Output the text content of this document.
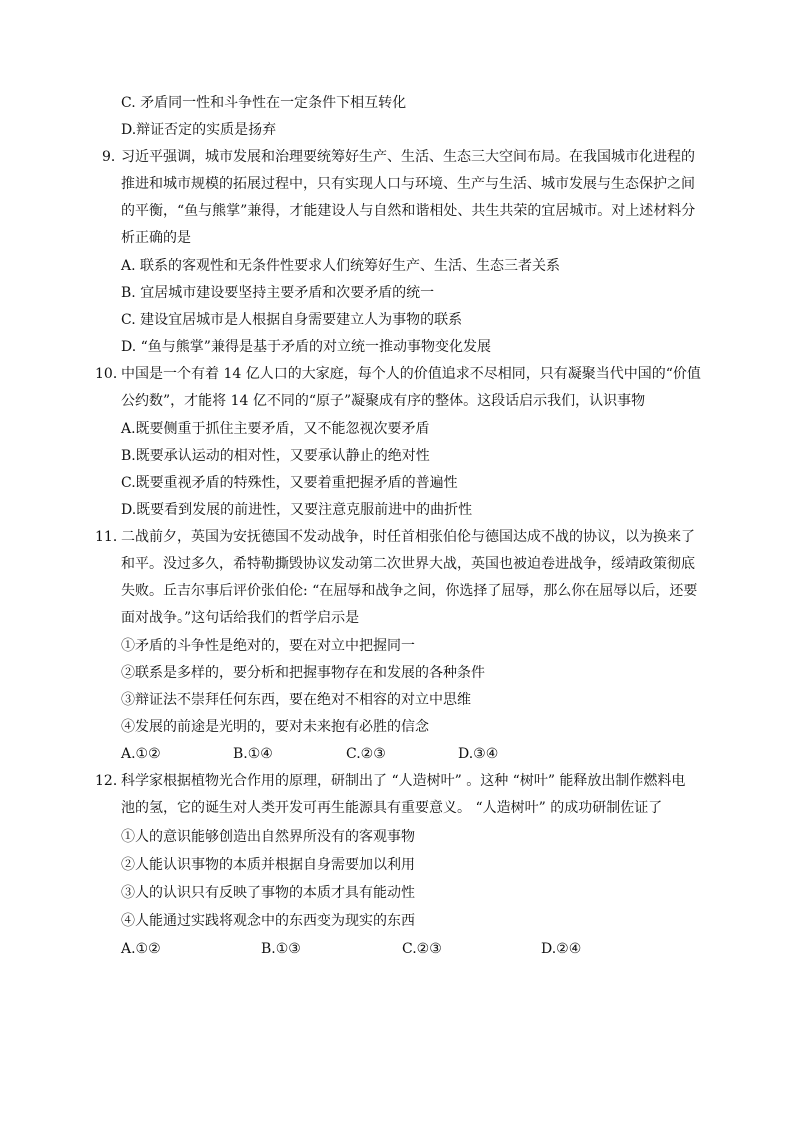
C. 矛盾同一性和斗争性在一定条件下相互转化
D.辩证否定的实质是扬弃
9．
习近平强调，城市发展和治理要统筹好生产、生活、生态三大空间布局。在我国城市化进程的
推进和城市规模的拓展过程中，只有实现人口与环境、生产与生活、城市发展与生态保护之间
的平衡，“鱼与熊掌”兼得，才能建设人与自然和谐相处、共生共荣的宜居城市。对上述材料分
析正确的是
A. 联系的客观性和无条件性要求人们统筹好生产、生活、生态三者关系
B. 宜居城市建设要坚持主要矛盾和次要矛盾的统一
C. 建设宜居城市是人根据自身需要建立人为事物的联系
D. “鱼与熊掌”兼得是基于矛盾的对立统一推动事物变化发展
10．
中国是一个有着 14 亿人口的大家庭，每个人的价值追求不尽相同，只有凝聚当代中国的“价值
公约数”，才能将 14 亿不同的“原子”凝聚成有序的整体。这段话启示我们，认识事物
A.既要侧重于抓住主要矛盾，又不能忽视次要矛盾
B.既要承认运动的相对性，又要承认静止的绝对性
C.既要重视矛盾的特殊性，又要着重把握矛盾的普遍性
D.既要看到发展的前进性，又要注意克服前进中的曲折性
11．
二战前夕，英国为安抚德国不发动战争，时任首相张伯伦与德国达成不战的协议，以为换来了
和平。没过多久，希特勒撕毁协议发动第二次世界大战，英国也被迫卷进战争，绥靖政策彻底
失败。丘吉尔事后评价张伯伦: “在屈辱和战争之间，你选择了屈辱，那么你在屈辱以后，还要
面对战争。”这句话给我们的哲学启示是
①矛盾的斗争性是绝对的，要在对立中把握同一
②联系是多样的，要分析和把握事物存在和发展的各种条件
③辩证法不崇拜任何东西，要在绝对不相容的对立中思维
④发展的前途是光明的，要对未来抱有必胜的信念
A.①②	B.①④	C.②③	D.③④
12．
科学家根据植物光合作用的原理，研制出了 “人造树叶” 。这种 “树叶” 能释放出制作燃料电
池的氢，它的诞生对人类开发可再生能源具有重要意义。 “人造树叶” 的成功研制佐证了
①人的意识能够创造出自然界所没有的客观事物
②人能认识事物的本质并根据自身需要加以利用
③人的认识只有反映了事物的本质才具有能动性
④人能通过实践将观念中的东西变为现实的东西
A.①②	B.①③	C.②③	D.②④
